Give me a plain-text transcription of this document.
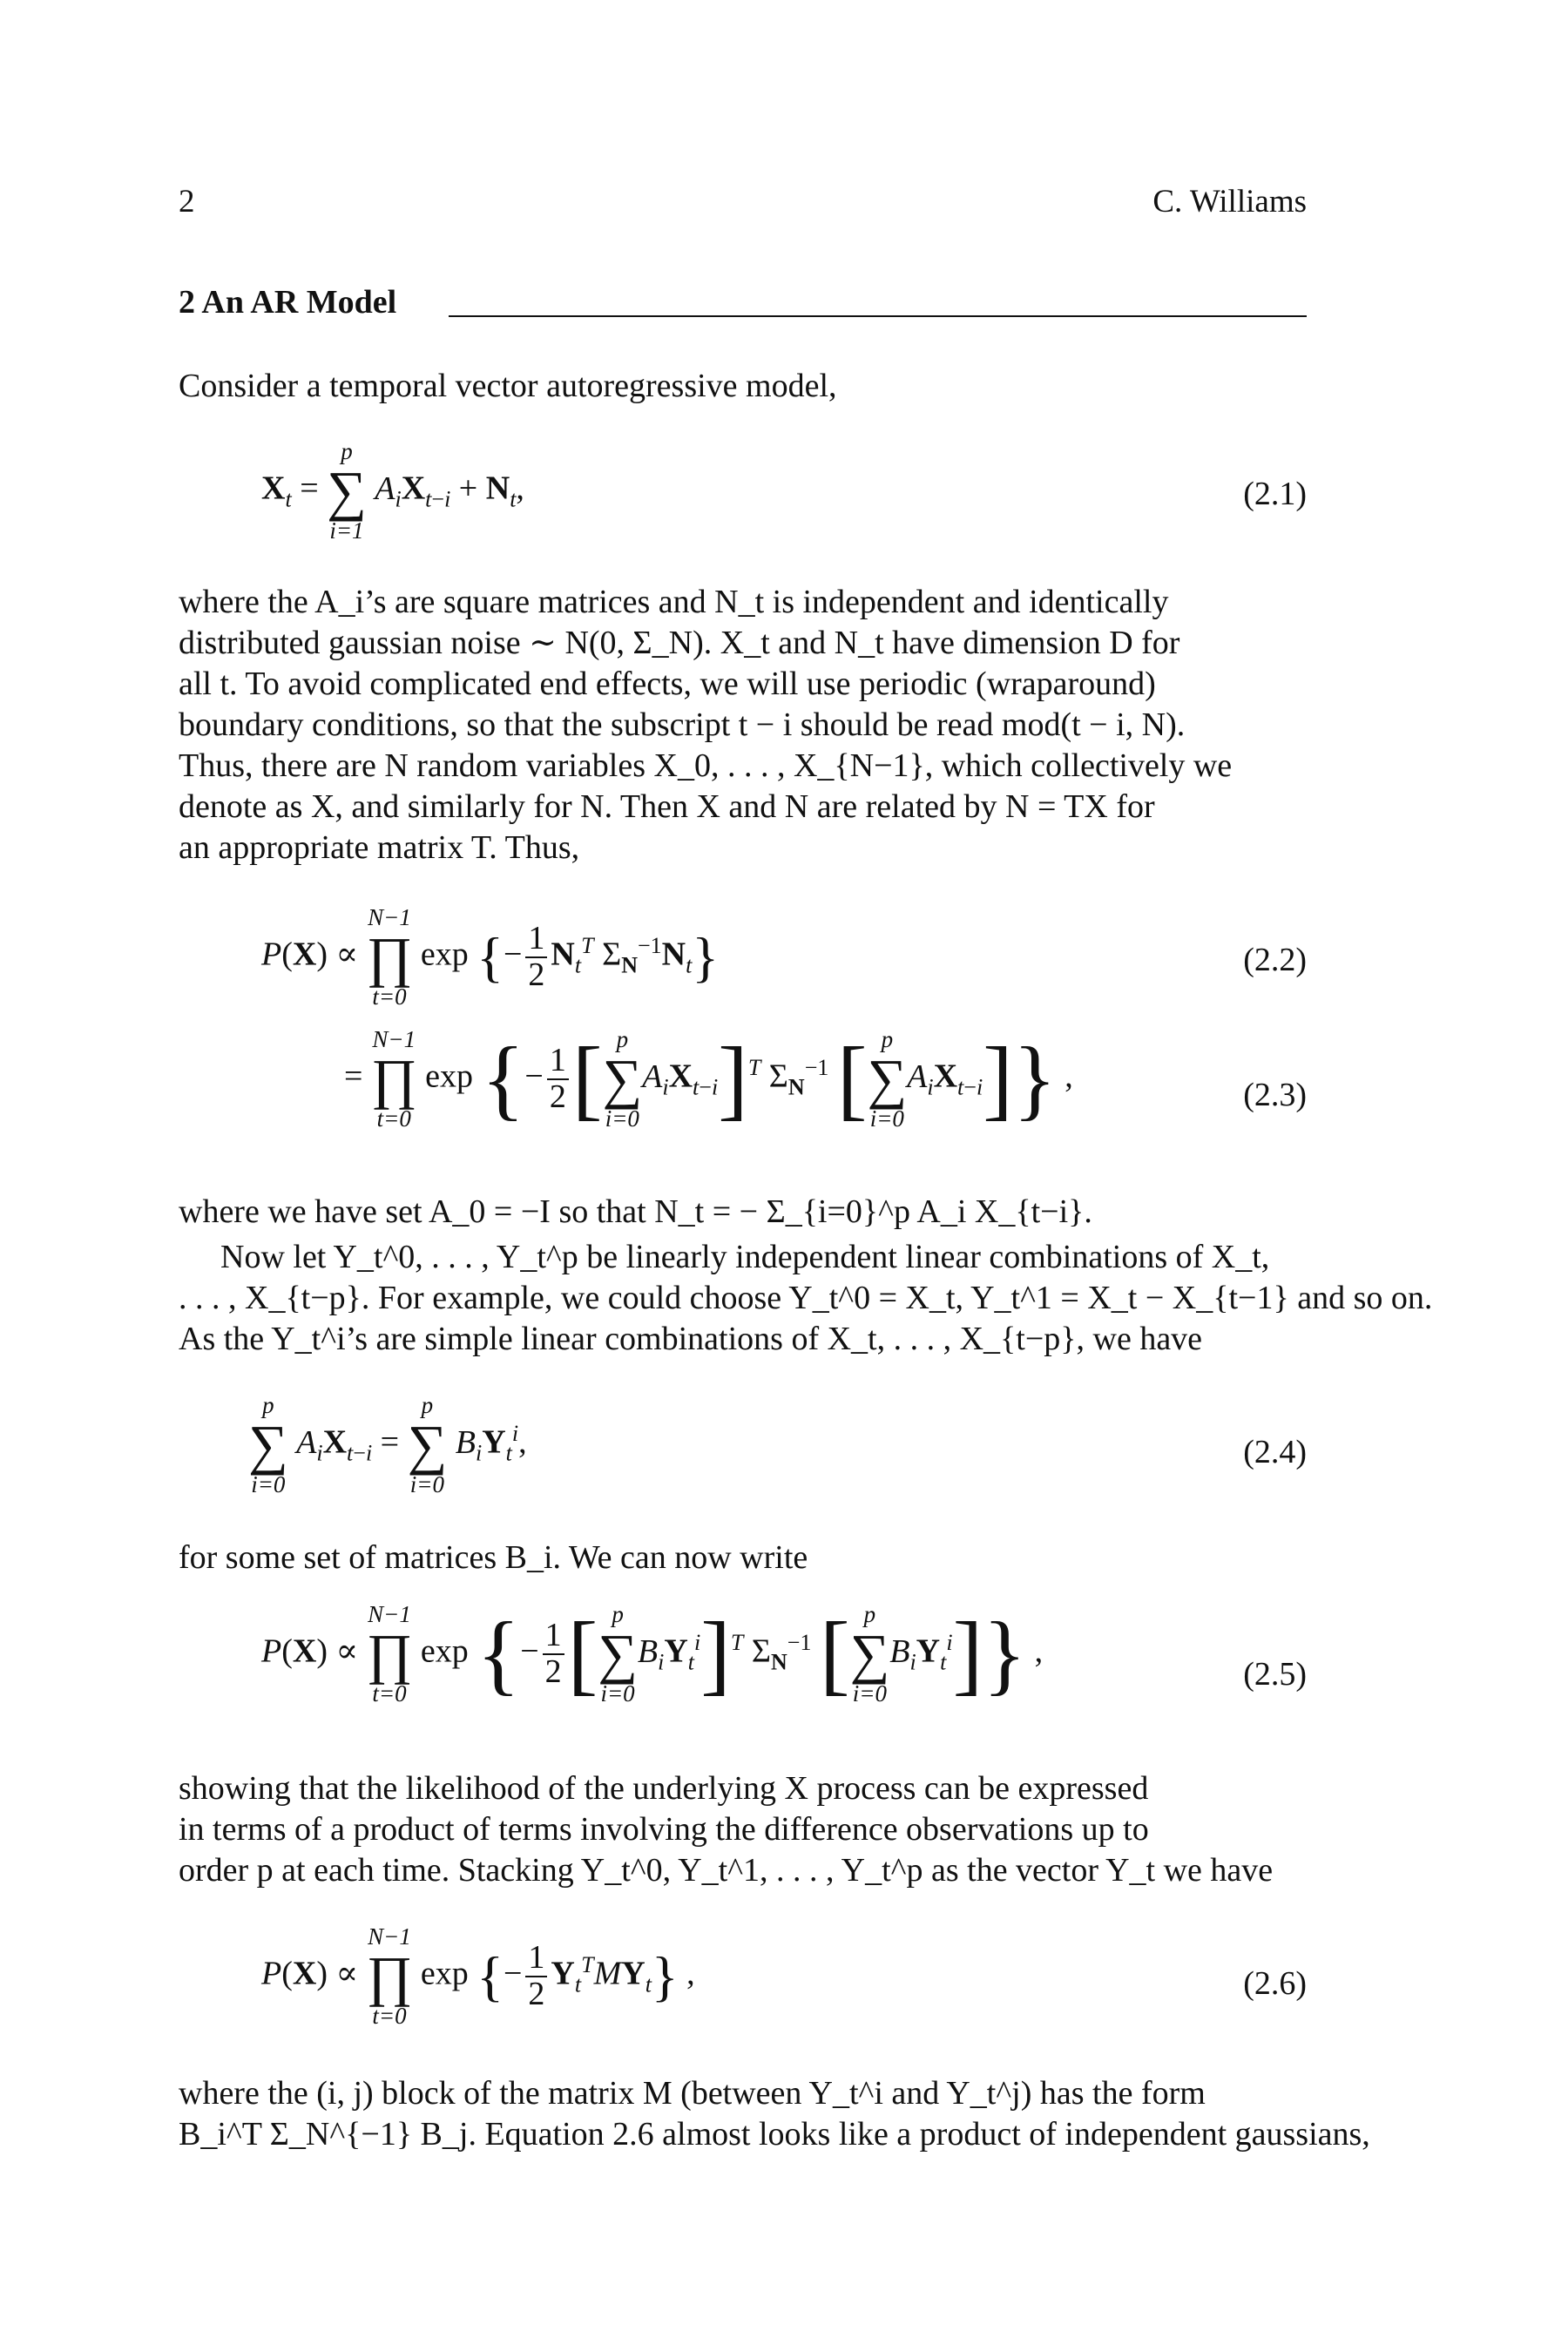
2	C. Williams
2 An AR Model
Consider a temporal vector autoregressive model,
$X_t$ =
p
∑
i=1
$A_iX_{t-i} + N_t$,	(2.1)
where the A_i’s are square matrices and N_t is independent and identically
distributed gaussian noise ∼ N(0, Σ_N). X_t and N_t have dimension D for
all t. To avoid complicated end effects, we will use periodic (wraparound)
boundary conditions, so that the subscript t − i should be read mod(t − i, N).
Thus, there are N random variables X_0, . . . , X_{N−1}, which collectively we
denote as X, and similarly for N. Then X and N are related by N = TX for
an appropriate matrix T. Thus,
P(X) ∝
N−1
∏
t=0
exp {− $\frac{1}{2} N_t^T$ $\Sigma_N^{-1}N_t$}	(2.2)
=
N−1
∏
t=0
exp {− $\frac{1}{2}$ [ p
∑
i=0
$A_iX_{t-i}]^T$ $\Sigma_N^{-1}$ [ p
∑
i=0
$A_iX_{t-i}$]} ,
(2.3)
where we have set A_0 = −I so that N_t = − Σ_{i=0}^p A_i X_{t−i}.
Now let Y_t^0, . . . , Y_t^p be linearly independent linear combinations of X_t,
. . . , X_{t−p}. For example, we could choose Y_t^0 = X_t, Y_t^1 = X_t − X_{t−1} and so on.
As the Y_t^i’s are simple linear combinations of X_t, . . . , X_{t−p}, we have
p
∑
i=0
$A_iX_{t-i}$ =
p
∑
i=0
$B_iY_t^i$,	(2.4)
for some set of matrices B_i. We can now write
P(X) ∝
N−1
∏
t=0
exp {− $\frac{1}{2}$ [ p
∑
i=0
$B_iY_t^i]^T$ $\Sigma_N^{-1}$ [ p
∑
i=0
$B_iY_t^i$]} ,
(2.5)
showing that the likelihood of the underlying X process can be expressed
in terms of a product of terms involving the difference observations up to
order p at each time. Stacking Y_t^0, Y_t^1, . . . , Y_t^p as the vector Y_t we have
P(X) ∝
N−1
∏
t=0
exp {− $\frac{1}{2} Y_t^TMY_t$} ,	(2.6)
where the (i, j) block of the matrix M (between Y_t^i and Y_t^j) has the form
B_i^T Σ_N^{−1} B_j. Equation 2.6 almost looks like a product of independent gaussians,
